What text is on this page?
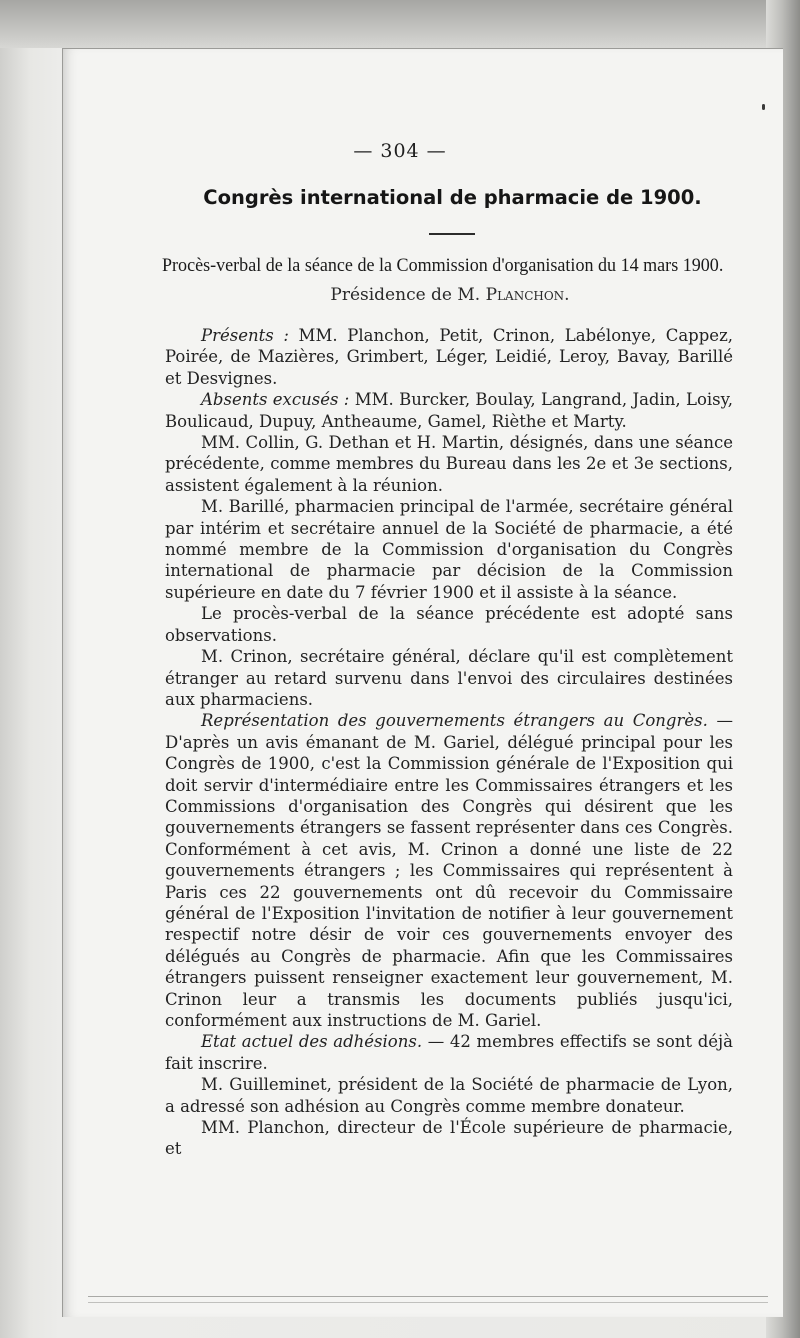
— 304 —
Congrès international de pharmacie de 1900.
Procès-verbal de la séance de la Commission d'organisation du 14 mars 1900.
Présidence de M. Planchon.

Présents : MM. Planchon, Petit, Crinon, Labélonye, Cappez, Poirée, de Mazières, Grimbert, Léger, Leidié, Leroy, Bavay, Barillé et Desvignes.

Absents excusés : MM. Burcker, Boulay, Langrand, Jadin, Loisy, Boulicaud, Dupuy, Antheaume, Gamel, Rièthe et Marty.

MM. Collin, G. Dethan et H. Martin, désignés, dans une séance précédente, comme membres du Bureau dans les 2e et 3e sections, assistent également à la réunion.

M. Barillé, pharmacien principal de l'armée, secrétaire général par intérim et secrétaire annuel de la Société de pharmacie, a été nommé membre de la Commission d'organisation du Congrès international de pharmacie par décision de la Commission supérieure en date du 7 février 1900 et il assiste à la séance.

Le procès-verbal de la séance précédente est adopté sans observations.

M. Crinon, secrétaire général, déclare qu'il est complètement étranger au retard survenu dans l'envoi des circulaires destinées aux pharmaciens.

Représentation des gouvernements étrangers au Congrès. — D'après un avis émanant de M. Gariel, délégué principal pour les Congrès de 1900, c'est la Commission générale de l'Exposition qui doit servir d'intermédiaire entre les Commissaires étrangers et les Commissions d'organisation des Congrès qui désirent que les gouvernements étrangers se fassent représenter dans ces Congrès. Conformément à cet avis, M. Crinon a donné une liste de 22 gouvernements étrangers ; les Commissaires qui représentent à Paris ces 22 gouvernements ont dû recevoir du Commissaire général de l'Exposition l'invitation de notifier à leur gouvernement respectif notre désir de voir ces gouvernements envoyer des délégués au Congrès de pharmacie. Afin que les Commissaires étrangers puissent renseigner exactement leur gouvernement, M. Crinon leur a transmis les documents publiés jusqu'ici, conformément aux instructions de M. Gariel.

Etat actuel des adhésions. — 42 membres effectifs se sont déjà fait inscrire.

M. Guilleminet, président de la Société de pharmacie de Lyon, a adressé son adhésion au Congrès comme membre donateur.

MM. Planchon, directeur de l'École supérieure de pharmacie, et
